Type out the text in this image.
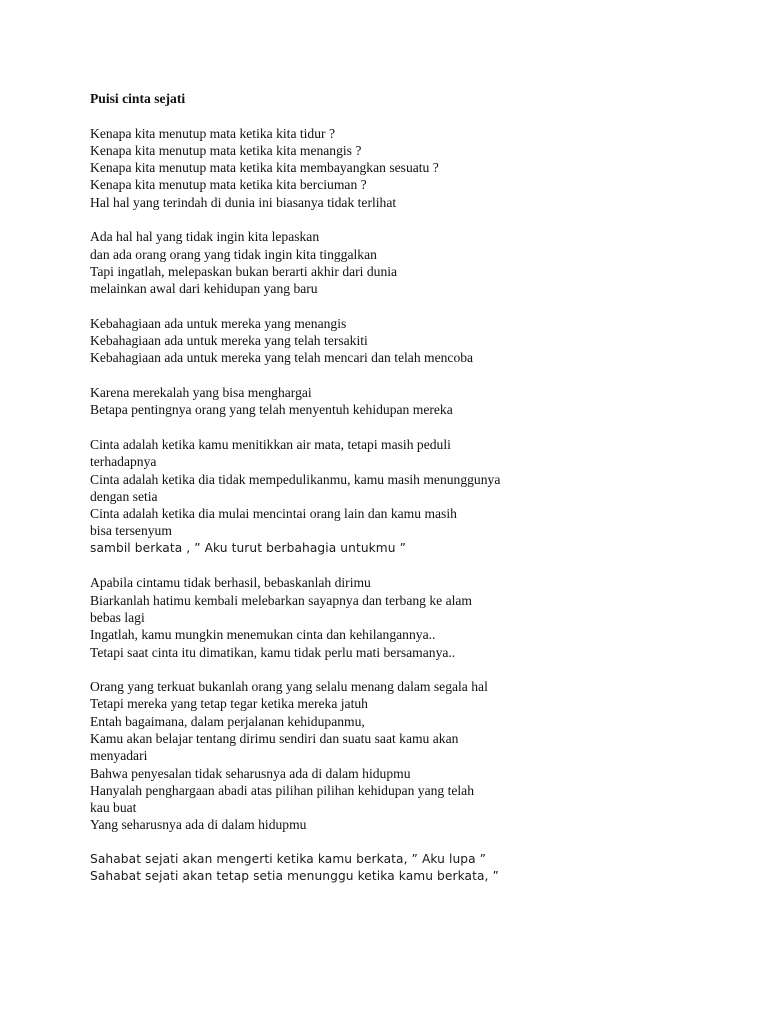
Puisi cinta sejati
Kenapa kita menutup mata ketika kita tidur ?
Kenapa kita menutup mata ketika kita menangis ?
Kenapa kita menutup mata ketika kita membayangkan sesuatu ?
Kenapa kita menutup mata ketika kita berciuman ?
Hal hal yang terindah di dunia ini biasanya tidak terlihat
Ada hal hal yang tidak ingin kita lepaskan
dan ada orang orang yang tidak ingin kita tinggalkan
Tapi ingatlah, melepaskan bukan berarti akhir dari dunia
melainkan awal dari kehidupan yang baru
Kebahagiaan ada untuk mereka yang menangis
Kebahagiaan ada untuk mereka yang telah tersakiti
Kebahagiaan ada untuk mereka yang telah mencari dan telah mencoba
Karena merekalah yang bisa menghargai
Betapa pentingnya orang yang telah menyentuh kehidupan mereka
Cinta adalah ketika kamu menitikkan air mata, tetapi masih peduli
terhadapnya
Cinta adalah ketika dia tidak mempedulikanmu, kamu masih menunggunya
dengan setia
Cinta adalah ketika dia mulai mencintai orang lain dan kamu masih
bisa tersenyum
sambil berkata , ” Aku turut berbahagia untukmu ”
Apabila cintamu tidak berhasil, bebaskanlah dirimu
Biarkanlah hatimu kembali melebarkan sayapnya dan terbang ke alam
bebas lagi
Ingatlah, kamu mungkin menemukan cinta dan kehilangannya..
Tetapi saat cinta itu dimatikan, kamu tidak perlu mati bersamanya..
Orang yang terkuat bukanlah orang yang selalu menang dalam segala hal
Tetapi mereka yang tetap tegar ketika mereka jatuh
Entah bagaimana, dalam perjalanan kehidupanmu,
Kamu akan belajar tentang dirimu sendiri dan suatu saat kamu akan
menyadari
Bahwa penyesalan tidak seharusnya ada di dalam hidupmu
Hanyalah penghargaan abadi atas pilihan pilihan kehidupan yang telah
kau buat
Yang seharusnya ada di dalam hidupmu
Sahabat sejati akan mengerti ketika kamu berkata, ” Aku lupa ”
Sahabat sejati akan tetap setia menunggu ketika kamu berkata, ”
